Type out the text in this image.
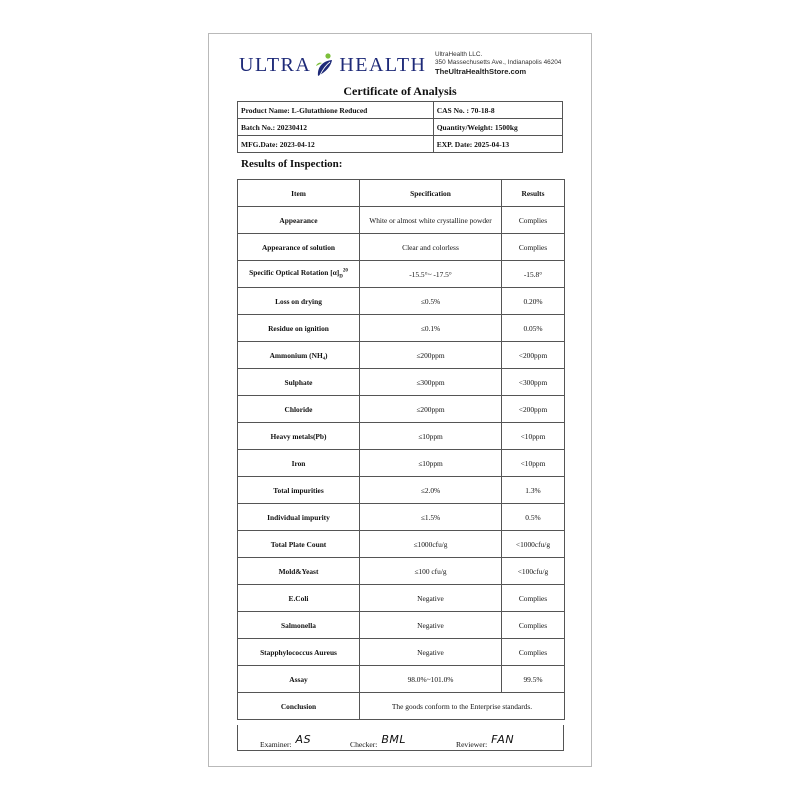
ULTRA HEALTH UltraHealth LLC.
350 Massechusetts Ave., Indianapolis 46204
TheUltraHealthStore.com
Certificate of Analysis
Product Name: L-Glutathione Reduced	CAS No. : 70-18-8
Batch No.: 20230412	Quantity/Weight: 1500kg
MFG.Date: 2023-04-12	EXP. Date: 2025-04-13
Results of Inspection:
Item	Specification	Results
Appearance	White or almost white crystalline powder	Complies
Appearance of solution	Clear and colorless	Complies
Specific Optical Rotation $[\alpha]_D^{20}$	-15.5°~ -17.5°	-15.8°
Loss on drying	≤0.5%	0.20%
Residue on ignition	≤0.1%	0.05%
Ammonium (NH₄)	≤200ppm	<200ppm
Sulphate	≤300ppm	<300ppm
Chloride	≤200ppm	<200ppm
Heavy metals(Pb)	≤10ppm	<10ppm
Iron	≤10ppm	<10ppm
Total impurities	≤2.0%	1.3%
Individual impurity	≤1.5%	0.5%
Total Plate Count	≤1000cfu/g	<1000cfu/g
Mold&Yeast	≤100 cfu/g	<100cfu/g
E.Coli	Negative	Complies
Salmonella	Negative	Complies
Stapphylococcus Aureus	Negative	Complies
Assay	98.0%~101.0%	99.5%
Conclusion	The goods conform to the Enterprise standards.	
Examiner: AS	Checker: BML	Reviewer: FAN
